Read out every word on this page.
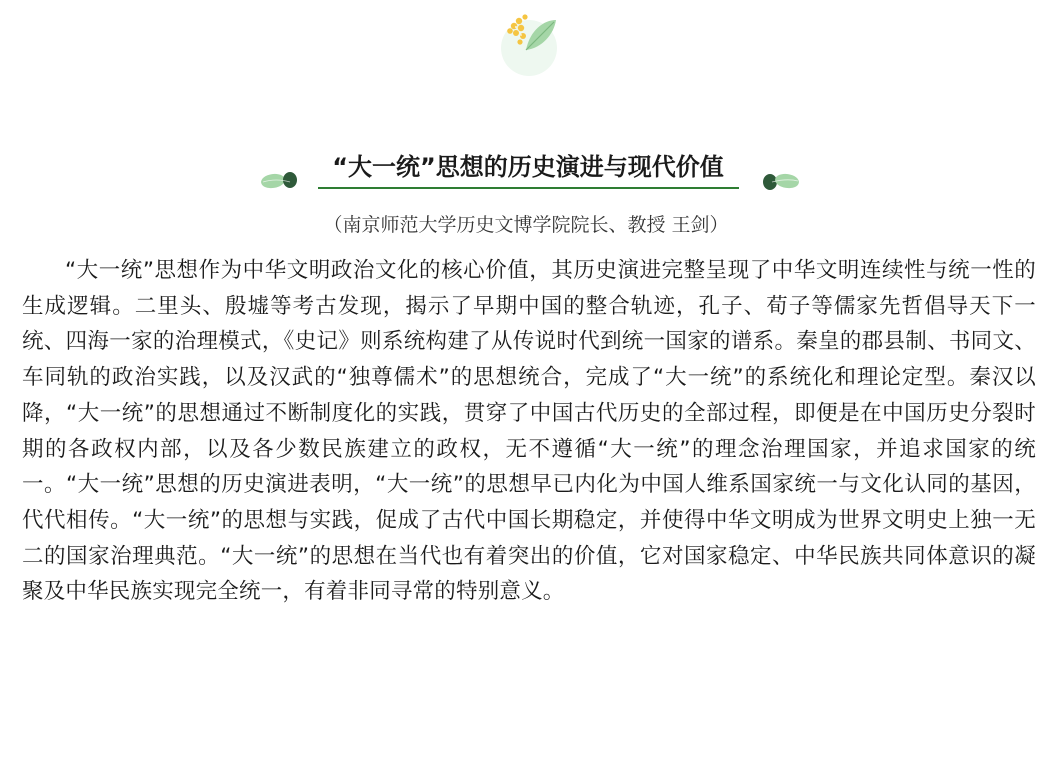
“大一统”思想的历史演进与现代价值
（南京师范大学历史文博学院院长、教授 王剑）

“大一统”思想作为中华文明政治文化的核心价值，其历史演进完整呈现了中华文明连续性与统一性的生成逻辑。二里头、殷墟等考古发现，揭示了早期中国的整合轨迹，孔子、荀子等儒家先哲倡导天下一统、四海一家的治理模式，《史记》则系统构建了从传说时代到统一国家的谱系。秦皇的郡县制、书同文、车同轨的政治实践，以及汉武的“独尊儒术”的思想统合，完成了“大一统”的系统化和理论定型。秦汉以降，“大一统”的思想通过不断制度化的实践，贯穿了中国古代历史的全部过程，即便是在中国历史分裂时期的各政权内部，以及各少数民族建立的政权，无不遵循“大一统”的理念治理国家，并追求国家的统一。“大一统”思想的历史演进表明，“大一统”的思想早已内化为中国人维系国家统一与文化认同的基因，代代相传。“大一统”的思想与实践，促成了古代中国长期稳定，并使得中华文明成为世界文明史上独一无二的国家治理典范。“大一统”的思想在当代也有着突出的价值，它对国家稳定、中华民族共同体意识的凝聚及中华民族实现完全统一，有着非同寻常的特别意义。
